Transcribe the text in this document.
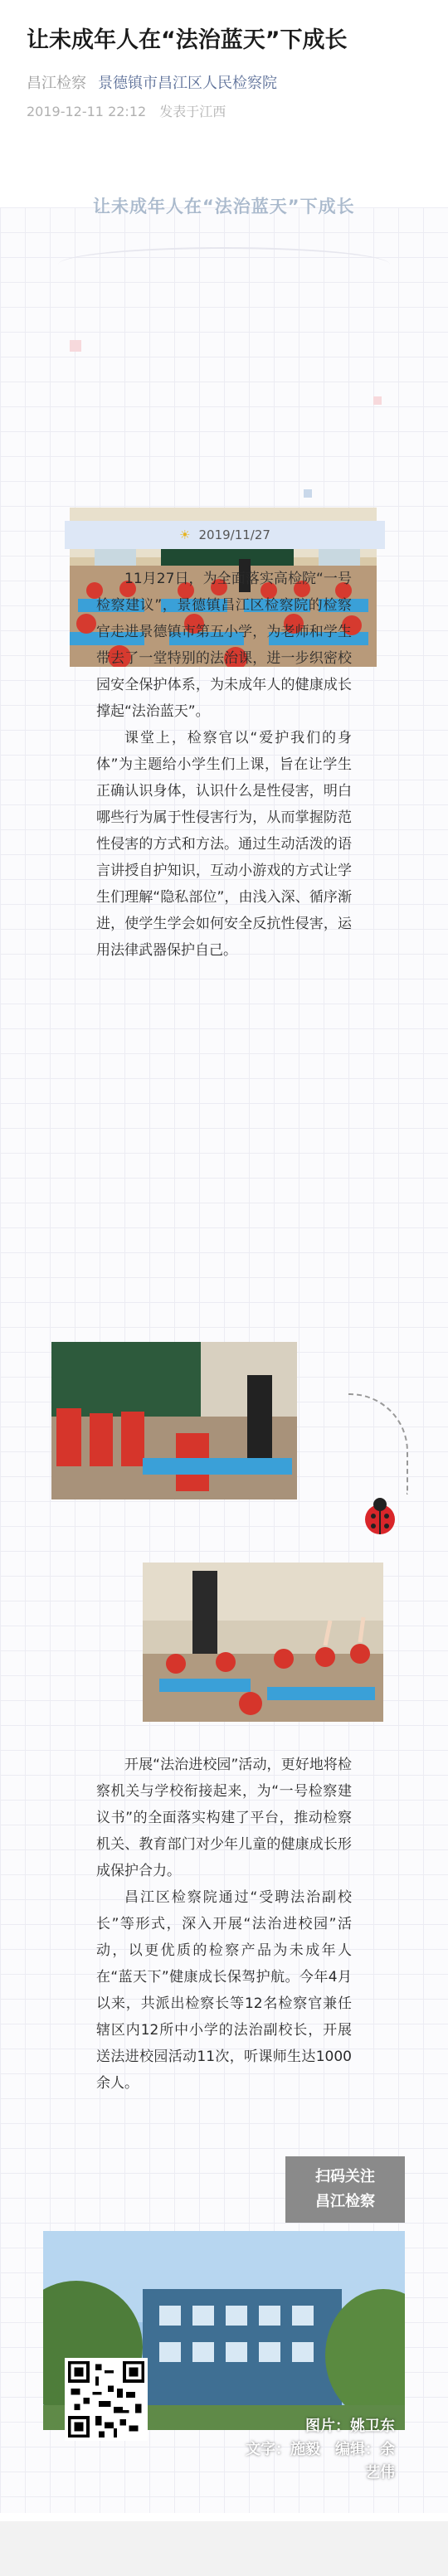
让未成年人在“法治蓝天”下成长
昌江检察 景德镇市昌江区人民检察院
2019-12-11 22:12 发表于江西
让未成年人在“法治蓝天”下成长
☀ 2019/11/27

11月27日，为全面落实高检院“一号检察建议”，景德镇昌江区检察院的检察官走进景德镇市第五小学，为老师和学生带去了一堂特别的法治课，进一步织密校园安全保护体系，为未成年人的健康成长撑起“法治蓝天”。

课堂上，检察官以“爱护我们的身体”为主题给小学生们上课，旨在让学生正确认识身体，认识什么是性侵害，明白哪些行为属于性侵害行为，从而掌握防范性侵害的方式和方法。通过生动活泼的语言讲授自护知识，互动小游戏的方式让学生们理解“隐私部位”，由浅入深、循序渐进，使学生学会如何安全反抗性侵害，运用法律武器保护自己。

开展“法治进校园”活动，更好地将检察机关与学校衔接起来，为“一号检察建议书”的全面落实构建了平台，推动检察机关、教育部门对少年儿童的健康成长形成保护合力。

昌江区检察院通过“受聘法治副校长”等形式，深入开展“法治进校园”活动，以更优质的检察产品为未成年人在“蓝天下”健康成长保驾护航。今年4月以来，共派出检察长等12名检察官兼任辖区内12所中小学的法治副校长，开展送法进校园活动11次，听课师生达1000余人。

扫码关注
昌江检察
图片：姚卫东
文字：施毅　编辑：余艺伟
